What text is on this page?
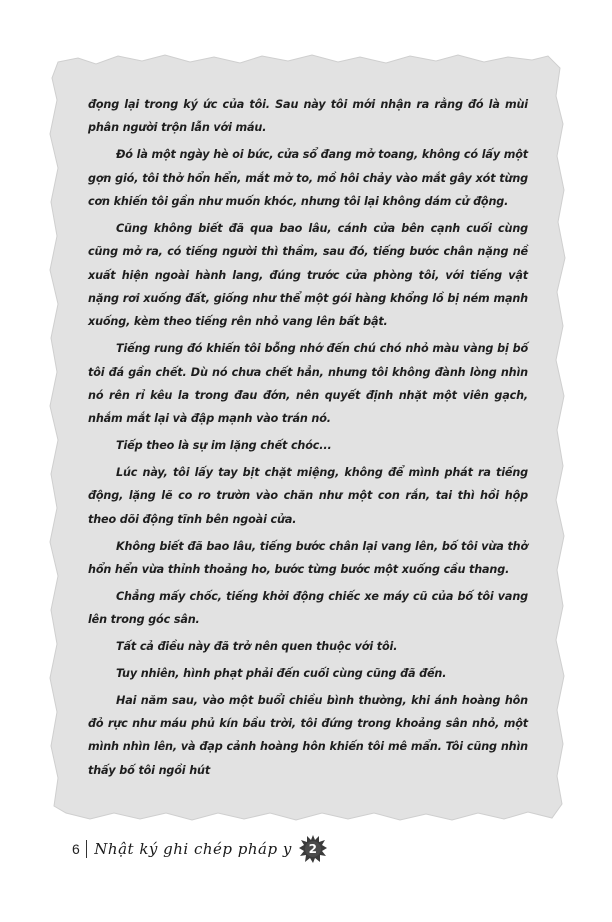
đọng lại trong ký ức của tôi. Sau này tôi mới nhận ra rằng đó là mùi phân người trộn lẫn với máu.

Đó là một ngày hè oi bức, cửa sổ đang mở toang, không có lấy một gợn gió, tôi thở hổn hển, mắt mở to, mồ hôi chảy vào mắt gây xót từng cơn khiến tôi gần như muốn khóc, nhưng tôi lại không dám cử động.

Cũng không biết đã qua bao lâu, cánh cửa bên cạnh cuối cùng cũng mở ra, có tiếng người thì thầm, sau đó, tiếng bước chân nặng nề xuất hiện ngoài hành lang, đúng trước cửa phòng tôi, với tiếng vật nặng rơi xuống đất, giống như thể một gói hàng khổng lồ bị ném mạnh xuống, kèm theo tiếng rên nhỏ vang lên bất bật.

Tiếng rung đó khiến tôi bỗng nhớ đến chú chó nhỏ màu vàng bị bố tôi đá gần chết. Dù nó chưa chết hẳn, nhưng tôi không đành lòng nhìn nó rên rỉ kêu la trong đau đớn, nên quyết định nhặt một viên gạch, nhắm mắt lại và đập mạnh vào trán nó.

Tiếp theo là sự im lặng chết chóc...

Lúc này, tôi lấy tay bịt chặt miệng, không để mình phát ra tiếng động, lặng lẽ co ro trườn vào chăn như một con rắn, tai thì hồi hộp theo dõi động tĩnh bên ngoài cửa.

Không biết đã bao lâu, tiếng bước chân lại vang lên, bố tôi vừa thở hổn hển vừa thỉnh thoảng ho, bước từng bước một xuống cầu thang.

Chẳng mấy chốc, tiếng khởi động chiếc xe máy cũ của bố tôi vang lên trong góc sân.

Tất cả điều này đã trở nên quen thuộc với tôi.

Tuy nhiên, hình phạt phải đến cuối cùng cũng đã đến.

Hai năm sau, vào một buổi chiều bình thường, khi ánh hoàng hôn đỏ rực như máu phủ kín bầu trời, tôi đứng trong khoảng sân nhỏ, một mình nhìn lên, và đạp cảnh hoàng hôn khiến tôi mê mẩn. Tôi cũng nhìn thấy bố tôi ngồi hút

6 Nhật ký ghi chép pháp y 2
